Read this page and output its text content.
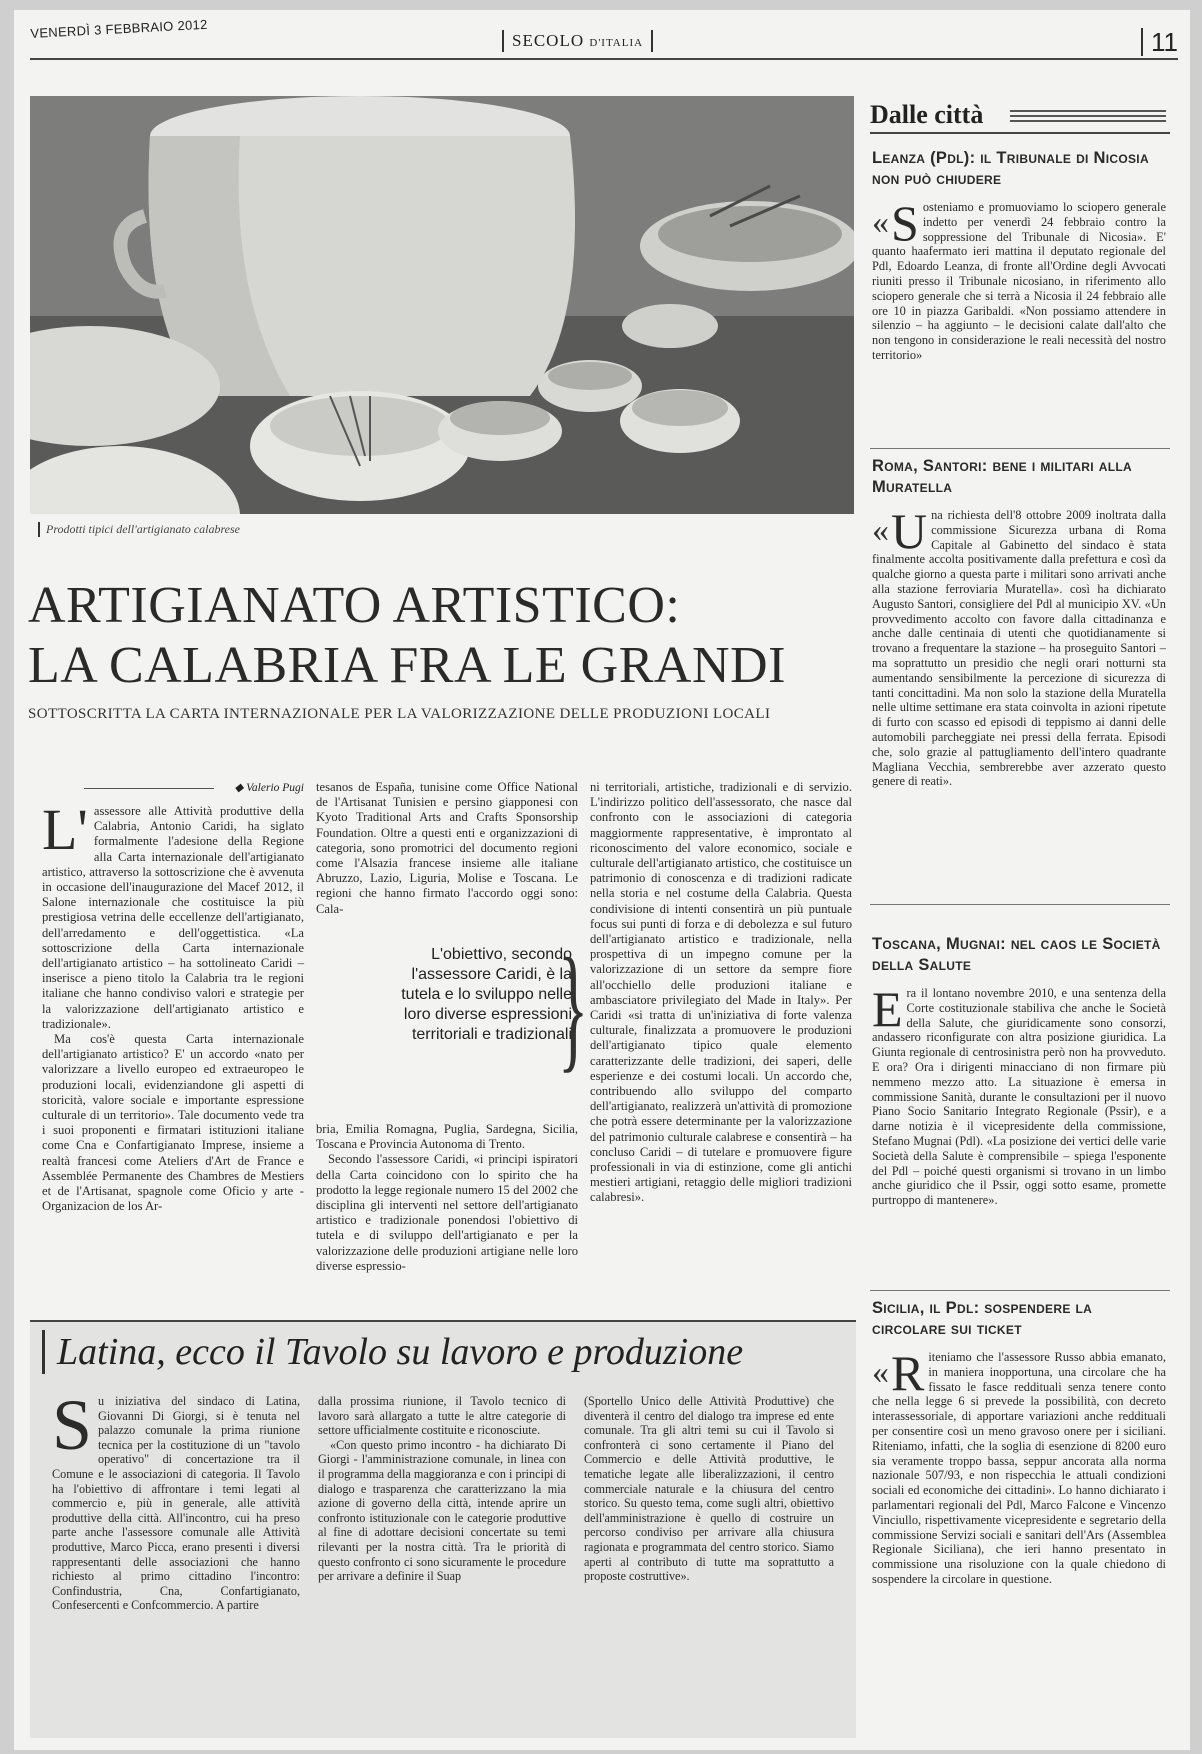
VENERDÌ 3 FEBBRAIO 2012	SECOLO D'ITALIA	11
Prodotti tipici dell'artigianato calabrese
ARTIGIANATO ARTISTICO:
LA CALABRIA FRA LE GRANDI
SOTTOSCRITTA LA CARTA INTERNAZIONALE PER LA VALORIZZAZIONE DELLE PRODUZIONI LOCALI
◆ Valerio Pugi

L' assessore alle Attività produttive della Calabria, Antonio Caridi, ha siglato formalmente l'adesione della Regione alla Carta internazionale dell'artigianato artistico, attraverso la sottoscrizione che è avvenuta in occasione dell'inaugurazione del Macef 2012, il Salone internazionale che costituisce la più prestigiosa vetrina delle eccellenze dell'artigianato, dell'arredamento e dell'oggettistica. «La sottoscrizione della Carta internazionale dell'artigianato artistico – ha sottolineato Caridi – inserisce a pieno titolo la Calabria tra le regioni italiane che hanno condiviso valori e strategie per la valorizzazione dell'artigianato artistico e tradizionale».

Ma cos'è questa Carta internazionale dell'artigianato artistico? E' un accordo «nato per valorizzare a livello europeo ed extraeuropeo le produzioni locali, evidenziandone gli aspetti di storicità, valore sociale e importante espressione culturale di un territorio». Tale documento vede tra i suoi proponenti e firmatari istituzioni italiane come Cna e Confartigianato Imprese, insieme a realtà francesi come Ateliers d'Art de France e Assemblée Permanente des Chambres de Mestiers et de l'Artisanat, spagnole come Oficio y arte - Organizacion de los Ar-

tesanos de España, tunisine come Office National de l'Artisanat Tunisien e persino giapponesi con Kyoto Traditional Arts and Crafts Sponsorship Foundation. Oltre a questi enti e organizzazioni di categoria, sono promotrici del documento regioni come l'Alsazia francese insieme alle italiane Abruzzo, Lazio, Liguria, Molise e Toscana. Le regioni che hanno firmato l'accordo oggi sono: Cala-

L'obiettivo, secondo l'assessore Caridi, è la tutela e lo sviluppo nelle loro diverse espressioni territoriali e tradizionali
}

bria, Emilia Romagna, Puglia, Sardegna, Sicilia, Toscana e Provincia Autonoma di Trento.

Secondo l'assessore Caridi, «i principi ispiratori della Carta coincidono con lo spirito che ha prodotto la legge regionale numero 15 del 2002 che disciplina gli interventi nel settore dell'artigianato artistico e tradizionale ponendosi l'obiettivo di tutela e di sviluppo dell'artigianato e per la valorizzazione delle produzioni artigiane nelle loro diverse espressio-

ni territoriali, artistiche, tradizionali e di servizio. L'indirizzo politico dell'assessorato, che nasce dal confronto con le associazioni di categoria maggiormente rappresentative, è improntato al riconoscimento del valore economico, sociale e culturale dell'artigianato artistico, che costituisce un patrimonio di conoscenza e di tradizioni radicate nella storia e nel costume della Calabria. Questa condivisione di intenti consentirà un più puntuale focus sui punti di forza e di debolezza e sul futuro dell'artigianato artistico e tradizionale, nella prospettiva di un impegno comune per la valorizzazione di un settore da sempre fiore all'occhiello delle produzioni italiane e ambasciatore privilegiato del Made in Italy». Per Caridi «si tratta di un'iniziativa di forte valenza culturale, finalizzata a promuovere le produzioni dell'artigianato tipico quale elemento caratterizzante delle tradizioni, dei saperi, delle esperienze e dei costumi locali. Un accordo che, contribuendo allo sviluppo del comparto dell'artigianato, realizzerà un'attività di promozione che potrà essere determinante per la valorizzazione del patrimonio culturale calabrese e consentirà – ha concluso Caridi – di tutelare e promuovere figure professionali in via di estinzione, come gli antichi mestieri artigiani, retaggio delle migliori tradizioni calabresi».

Latina, ecco il Tavolo su lavoro e produzione

Su iniziativa del sindaco di Latina, Giovanni Di Giorgi, si è tenuta nel palazzo comunale la prima riunione tecnica per la costituzione di un "tavolo operativo" di concertazione tra il Comune e le associazioni di categoria. Il Tavolo ha l'obiettivo di affrontare i temi legati al commercio e, più in generale, alle attività produttive della città. All'incontro, cui ha preso parte anche l'assessore comunale alle Attività produttive, Marco Picca, erano presenti i diversi rappresentanti delle associazioni che hanno richiesto al primo cittadino l'incontro: Confindustria, Cna, Confartigianato, Confesercenti e Confcommercio. A partire

dalla prossima riunione, il Tavolo tecnico di lavoro sarà allargato a tutte le altre categorie di settore ufficialmente costituite e riconosciute.

«Con questo primo incontro - ha dichiarato Di Giorgi - l'amministrazione comunale, in linea con il programma della maggioranza e con i principi di dialogo e trasparenza che caratterizzano la mia azione di governo della città, intende aprire un confronto istituzionale con le categorie produttive al fine di adottare decisioni concertate su temi rilevanti per la nostra città. Tra le priorità di questo confronto ci sono sicuramente le procedure per arrivare a definire il Suap

(Sportello Unico delle Attività Produttive) che diventerà il centro del dialogo tra imprese ed ente comunale. Tra gli altri temi su cui il Tavolo si confronterà ci sono certamente il Piano del Commercio e delle Attività produttive, le tematiche legate alle liberalizzazioni, il centro commerciale naturale e la chiusura del centro storico. Su questo tema, come sugli altri, obiettivo dell'amministrazione è quello di costruire un percorso condiviso per arrivare alla chiusura ragionata e programmata del centro storico. Siamo aperti al contributo di tutte ma soprattutto a proposte costruttive».

Dalle città
Leanza (Pdl): il Tribunale di Nicosia non può chiudere

« S osteniamo e promuoviamo lo sciopero generale indetto per venerdì 24 febbraio contro la soppressione del Tribunale di Nicosia». E' quanto haafermato ieri mattina il deputato regionale del Pdl, Edoardo Leanza, di fronte all'Ordine degli Avvocati riuniti presso il Tribunale nicosiano, in riferimento allo sciopero generale che si terrà a Nicosia il 24 febbraio alle ore 10 in piazza Garibaldi. «Non possiamo attendere in silenzio – ha aggiunto – le decisioni calate dall'alto che non tengono in considerazione le reali necessità del nostro territorio»

Roma, Santori: bene i militari alla Muratella

« U na richiesta dell'8 ottobre 2009 inoltrata dalla commissione Sicurezza urbana di Roma Capitale al Gabinetto del sindaco è stata finalmente accolta positivamente dalla prefettura e così da qualche giorno a questa parte i militari sono arrivati anche alla stazione ferroviaria Muratella». così ha dichiarato Augusto Santori, consigliere del Pdl al municipio XV. «Un provvedimento accolto con favore dalla cittadinanza e anche dalle centinaia di utenti che quotidianamente si trovano a frequentare la stazione – ha proseguito Santori – ma soprattutto un presidio che negli orari notturni sta aumentando sensibilmente la percezione di sicurezza di tanti concittadini. Ma non solo la stazione della Muratella nelle ultime settimane era stata coinvolta in azioni ripetute di furto con scasso ed episodi di teppismo ai danni delle automobili parcheggiate nei pressi della ferrata. Episodi che, solo grazie al pattugliamento dell'intero quadrante Magliana Vecchia, sembrerebbe aver azzerato questo genere di reati».

Toscana, Mugnai: nel caos le Società della Salute

Era il lontano novembre 2010, e una sentenza della Corte costituzionale stabiliva che anche le Società della Salute, che giuridicamente sono consorzi, andassero riconfigurate con altra posizione giuridica. La Giunta regionale di centrosinistra però non ha provveduto. E ora? Ora i dirigenti minacciano di non firmare più nemmeno mezzo atto. La situazione è emersa in commissione Sanità, durante le consultazioni per il nuovo Piano Socio Sanitario Integrato Regionale (Pssir), e a darne notizia è il vicepresidente della commissione, Stefano Mugnai (Pdl). «La posizione dei vertici delle varie Società della Salute è comprensibile – spiega l'esponente del Pdl – poiché questi organismi si trovano in un limbo anche giuridico che il Pssir, oggi sotto esame, promette purtroppo di mantenere».

Sicilia, il Pdl: sospendere la circolare sui ticket

« R iteniamo che l'assessore Russo abbia emanato, in maniera inopportuna, una circolare che ha fissato le fasce reddituali senza tenere conto che nella legge 6 si prevede la possibilità, con decreto interassessoriale, di apportare variazioni anche reddituali per consentire così un meno gravoso onere per i siciliani. Riteniamo, infatti, che la soglia di esenzione di 8200 euro sia veramente troppo bassa, seppur ancorata alla norma nazionale 507/93, e non rispecchia le attuali condizioni sociali ed economiche dei cittadini». Lo hanno dichiarato i parlamentari regionali del Pdl, Marco Falcone e Vincenzo Vinciullo, rispettivamente vicepresidente e segretario della commissione Servizi sociali e sanitari dell'Ars (Assemblea Regionale Siciliana), che ieri hanno presentato in commissione una risoluzione con la quale chiedono di sospendere la circolare in questione.
